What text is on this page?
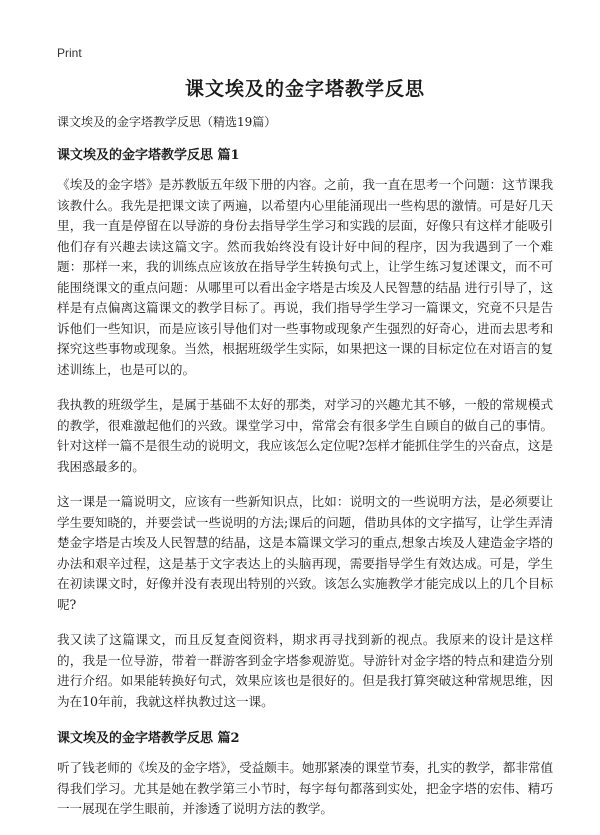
Print
课文埃及的金字塔教学反思
课文埃及的金字塔教学反思（精选19篇）
课文埃及的金字塔教学反思 篇1

《埃及的金字塔》是苏教版五年级下册的内容。之前，我一直在思考一个问题：这节课我该教什么。我先是把课文读了两遍，以希望内心里能涌现出一些构思的激情。可是好几天里，我一直是停留在以导游的身份去指导学生学习和实践的层面，好像只有这样才能吸引他们存有兴趣去读这篇文字。然而我始终没有设计好中间的程序，因为我遇到了一个难题：那样一来，我的训练点应该放在指导学生转换句式上，让学生练习复述课文，而不可能围绕课文的重点问题：从哪里可以看出金字塔是古埃及人民智慧的结晶 进行引导了，这样是有点偏离这篇课文的教学目标了。再说，我们指导学生学习一篇课文，究竟不只是告诉他们一些知识，而是应该引导他们对一些事物或现象产生强烈的好奇心，进而去思考和探究这些事物或现象。当然，根据班级学生实际，如果把这一课的目标定位在对语言的复述训练上，也是可以的。

我执教的班级学生，是属于基础不太好的那类，对学习的兴趣尤其不够，一般的常规模式的教学，很难激起他们的兴致。课堂学习中，常常会有很多学生自顾自的做自己的事情。针对这样一篇不是很生动的说明文，我应该怎么定位呢?怎样才能抓住学生的兴奋点，这是我困惑最多的。

这一课是一篇说明文，应该有一些新知识点，比如：说明文的一些说明方法，是必须要让学生要知晓的，并要尝试一些说明的方法;课后的问题，借助具体的文字描写，让学生弄清楚金字塔是古埃及人民智慧的结晶，这是本篇课文学习的重点,想象古埃及人建造金字塔的办法和艰辛过程，这是基于文字表达上的头脑再现，需要指导学生有效达成。可是，学生在初读课文时，好像并没有表现出特别的兴致。该怎么实施教学才能完成以上的几个目标呢?

我又读了这篇课文，而且反复查阅资料，期求再寻找到新的视点。我原来的设计是这样的，我是一位导游，带着一群游客到金字塔参观游览。导游针对金字塔的特点和建造分别进行介绍。如果能转换好句式，效果应该也是很好的。但是我打算突破这种常规思维，因为在10年前，我就这样执教过这一课。

课文埃及的金字塔教学反思 篇2

听了钱老师的《埃及的金字塔》，受益颇丰。她那紧凑的课堂节奏，扎实的教学，都非常值得我们学习。尤其是她在教学第三小节时，每字每句都落到实处，把金字塔的宏伟、精巧一一展现在学生眼前，并渗透了说明方法的教学。
